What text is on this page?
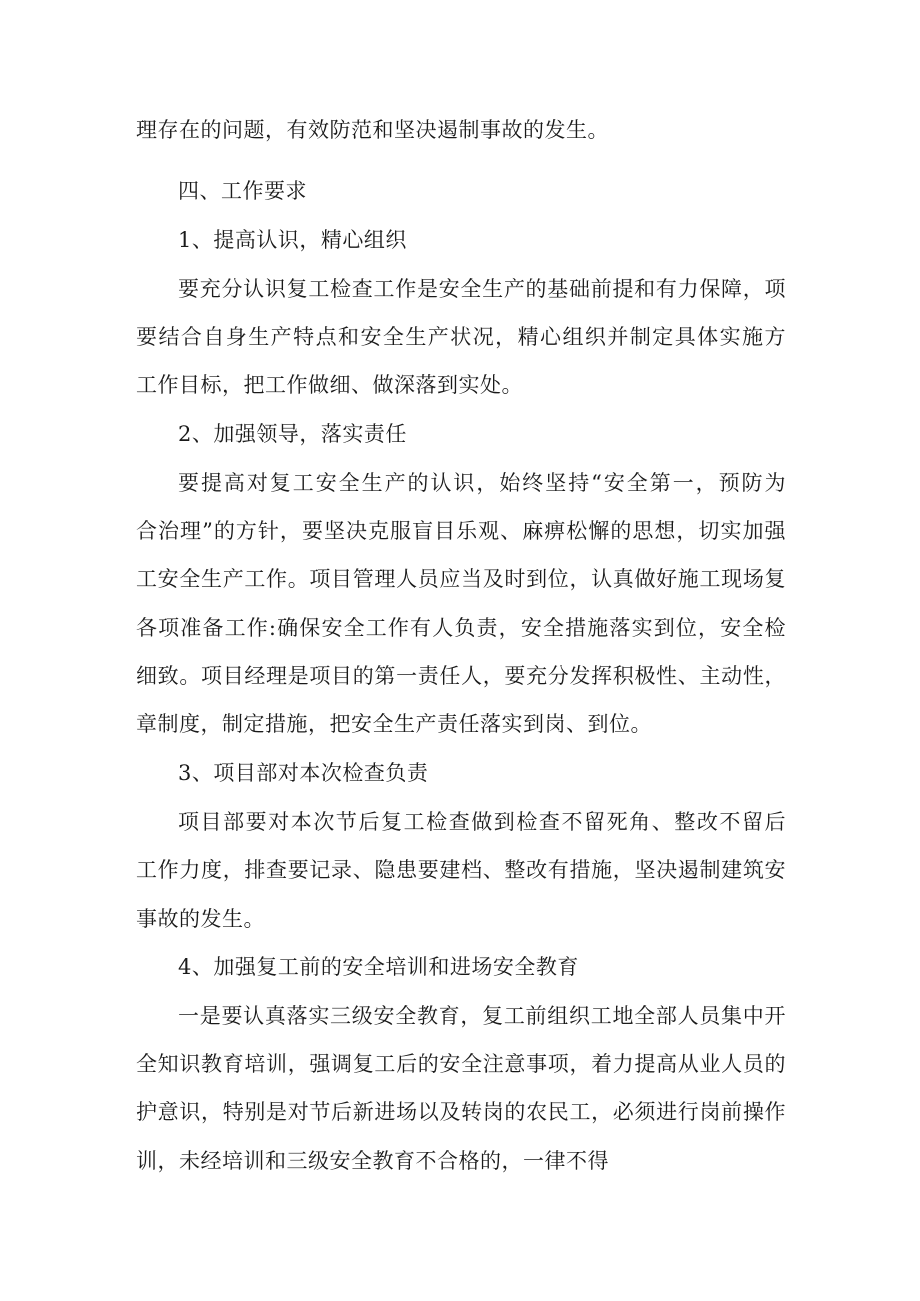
理存在的问题，有效防范和坚决遏制事故的发生。
四、工作要求
1、提高认识，精心组织
要充分认识复工检查工作是安全生产的基础前提和有力保障，项
要结合自身生产特点和安全生产状况，精心组织并制定具体实施方
工作目标，把工作做细、做深落到实处。
2、加强领导，落实责任
要提高对复工安全生产的认识，始终坚持“安全第一，预防为
合治理”的方针，要坚决克服盲目乐观、麻痹松懈的思想，切实加强
工安全生产工作。项目管理人员应当及时到位，认真做好施工现场复
各项准备工作:确保安全工作有人负责，安全措施落实到位，安全检
细致。项目经理是项目的第一责任人，要充分发挥积极性、主动性，
章制度，制定措施，把安全生产责任落实到岗、到位。
3、项目部对本次检查负责
项目部要对本次节后复工检查做到检查不留死角、整改不留后
工作力度，排查要记录、隐患要建档、整改有措施，坚决遏制建筑安
事故的发生。
4、加强复工前的安全培训和进场安全教育
一是要认真落实三级安全教育，复工前组织工地全部人员集中开
全知识教育培训，强调复工后的安全注意事项，着力提高从业人员的
护意识，特别是对节后新进场以及转岗的农民工，必须进行岗前操作
训，未经培训和三级安全教育不合格的，一律不得
